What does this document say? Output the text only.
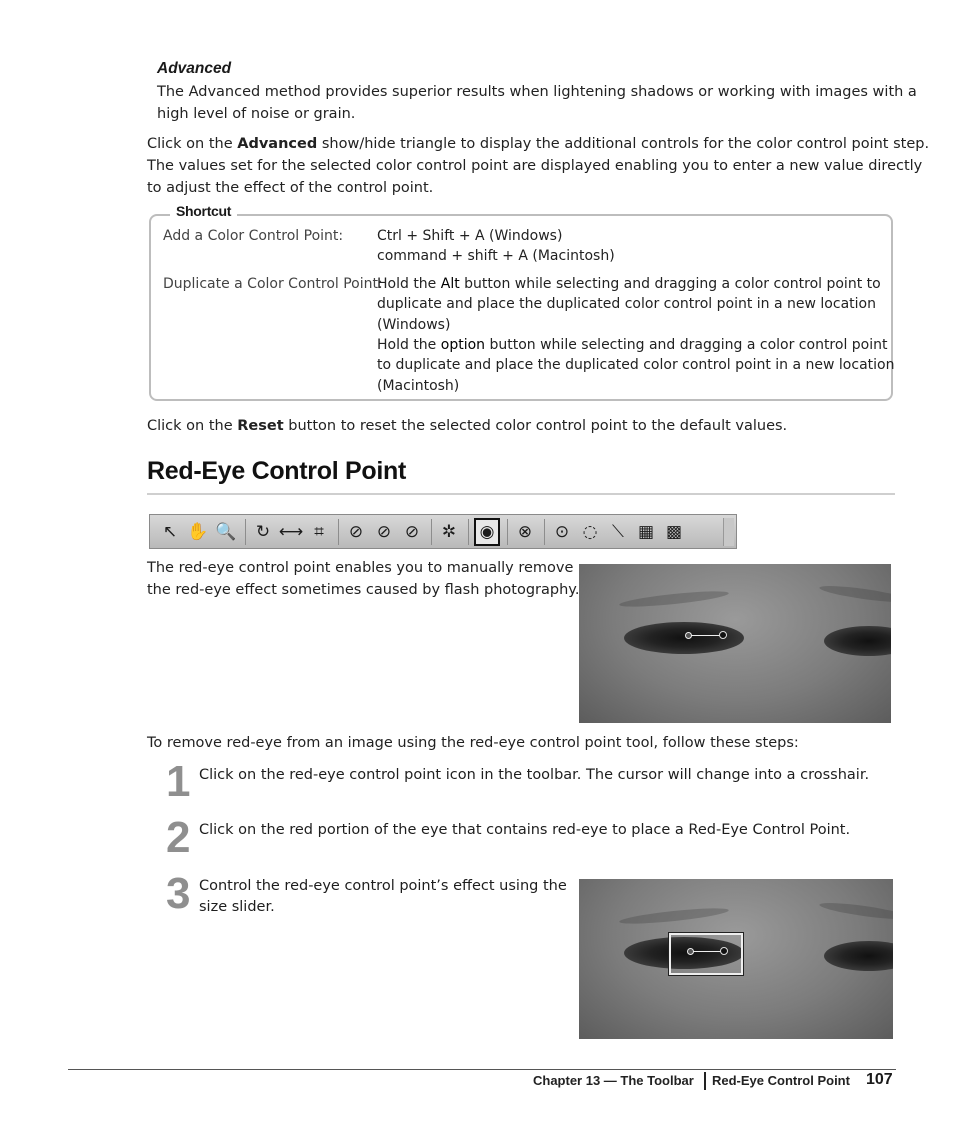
Advanced
The Advanced method provides superior results when lightening shadows or working with images with a
high level of noise or grain.
Click on the Advanced show/hide triangle to display the additional controls for the color control point step.
The values set for the selected color control point are displayed enabling you to enter a new value directly
to adjust the effect of the control point.
Shortcut
Add a Color Control Point: Ctrl + Shift + A (Windows)
command + shift + A (Macintosh)
Duplicate a Color Control Point:
Hold the Alt button while selecting and dragging a color control point to
duplicate and place the duplicated color control point in a new location
(Windows)
Hold the option button while selecting and dragging a color control point
to duplicate and place the duplicated color control point in a new location
(Macintosh)
Click on the Reset button to reset the selected color control point to the default values.
Red-Eye Control Point
↖ ✋ 🔍 ↻ ⟷ ⌗	⊘ ⊘ ⊘ ✲	◉	⊗ ⊙ ◌ ⟍ ▦ ▩
The red-eye control point enables you to manually remove
the red-eye effect sometimes caused by flash photography.
To remove red-eye from an image using the red-eye control point tool, follow these steps:
1 Click on the red-eye control point icon in the toolbar. The cursor will change into a crosshair.
2 Click on the red portion of the eye that contains red-eye to place a Red-Eye Control Point.
3 Control the red-eye control point’s effect using the
size slider.
Chapter 13 — The Toolbar Red-Eye Control Point 107
